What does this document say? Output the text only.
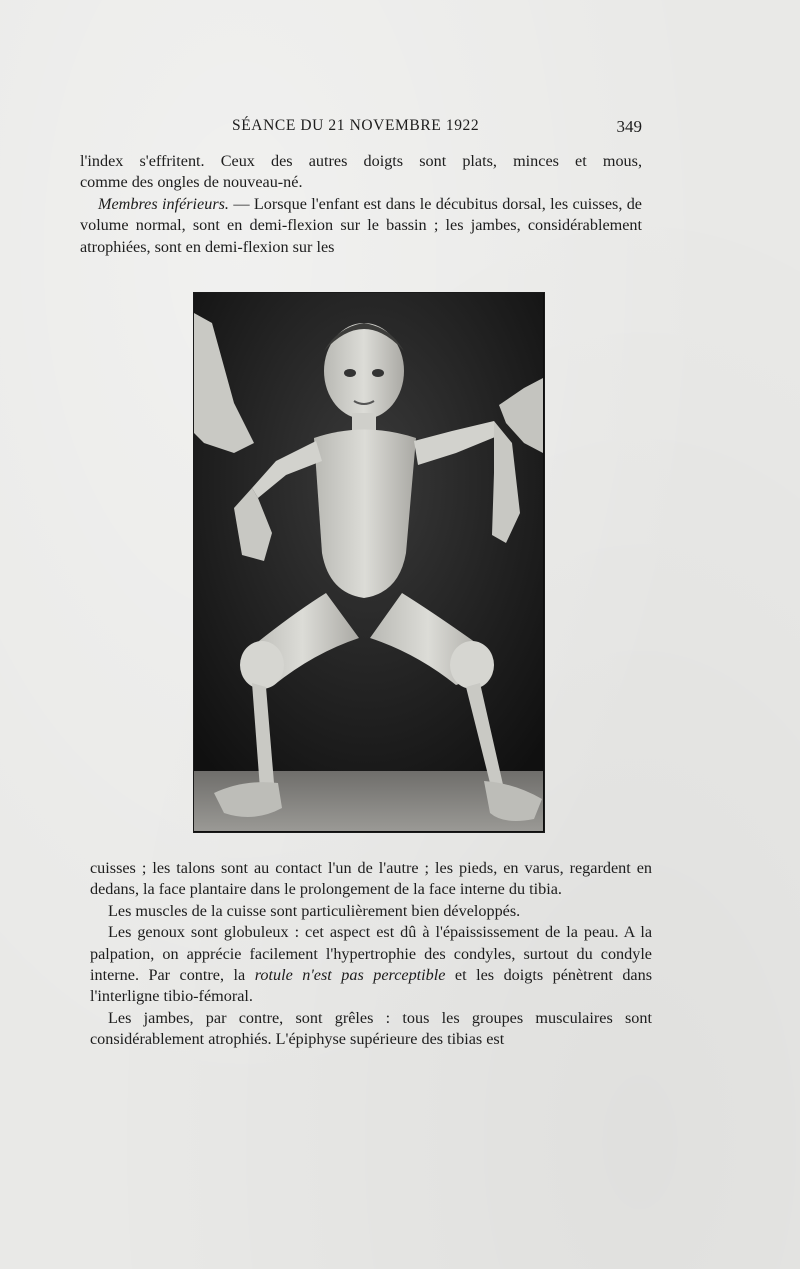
SÉANCE DU 21 NOVEMBRE 1922	349

l'index s'effritent. Ceux des autres doigts sont plats, minces et mous,

comme des ongles de nouveau-né.

Membres inférieurs. — Lorsque l'enfant est dans le décubitus dorsal, les cuisses, de volume normal, sont en demi-flexion sur le bassin ; les jambes, considérablement atrophiées, sont en demi-flexion sur les

cuisses ; les talons sont au contact l'un de l'autre ; les pieds, en varus, regardent en dedans, la face plantaire dans le prolongement de la face interne du tibia.

Les muscles de la cuisse sont particulièrement bien développés.

Les genoux sont globuleux : cet aspect est dû à l'épaississement de la peau. A la palpation, on apprécie facilement l'hypertrophie des condyles, surtout du condyle interne. Par contre, la rotule n'est pas perceptible et les doigts pénètrent dans l'interligne tibio-fémoral.

Les jambes, par contre, sont grêles : tous les groupes musculaires sont considérablement atrophiés. L'épiphyse supérieure des tibias est
